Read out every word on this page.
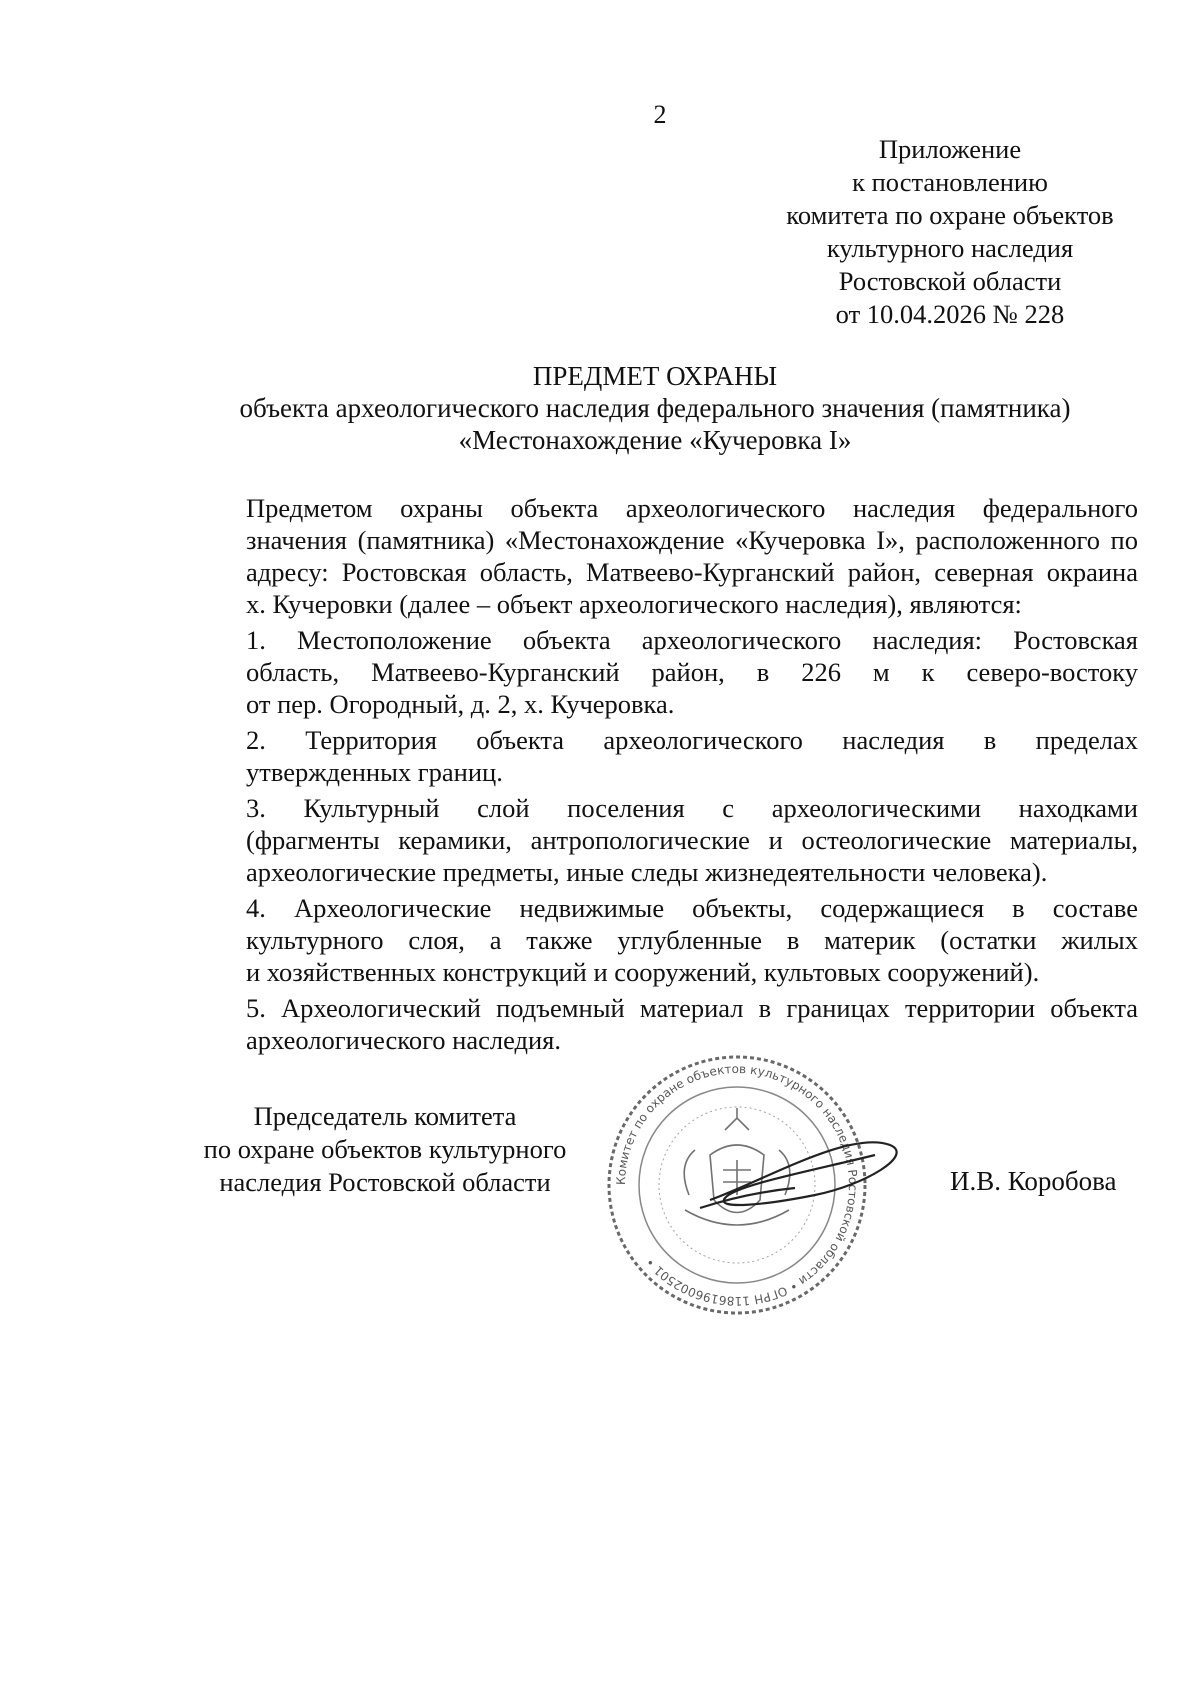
2
Приложение
к постановлению
комитета по охране объектов
культурного наследия
Ростовской области
от 10.04.2026 № 228
ПРЕДМЕТ ОХРАНЫ
объекта археологического наследия федерального значения (памятника)
«Местонахождение «Кучеровка I»

Предметом охраны объекта археологического наследия федерального
значения (памятника) «Местонахождение «Кучеровка I», расположенного по
адресу: Ростовская область, Матвеево-Курганский район, северная окраина
х. Кучеровки (далее – объект археологического наследия), являются:

1. Местоположение объекта археологического наследия: Ростовская
область, Матвеево-Курганский район, в 226 м к северо-востоку
от пер. Огородный, д. 2, х. Кучеровка.

2. Территория объекта археологического наследия в пределах
утвержденных границ.

3. Культурный слой поселения с археологическими находками
(фрагменты керамики, антропологические и остеологические материалы,
археологические предметы, иные следы жизнедеятельности человека).

4. Археологические недвижимые объекты, содержащиеся в составе
культурного слоя, а также углубленные в материк (остатки жилых
и хозяйственных конструкций и сооружений, культовых сооружений).

5. Археологический подъемный материал в границах территории объекта
археологического наследия.

Председатель комитета
по охране объектов культурного
наследия Ростовской области	Комитет по охране объектов культурного наследия Ростовской области • ОГРН 1186196002501 •
И.В. Коробова
